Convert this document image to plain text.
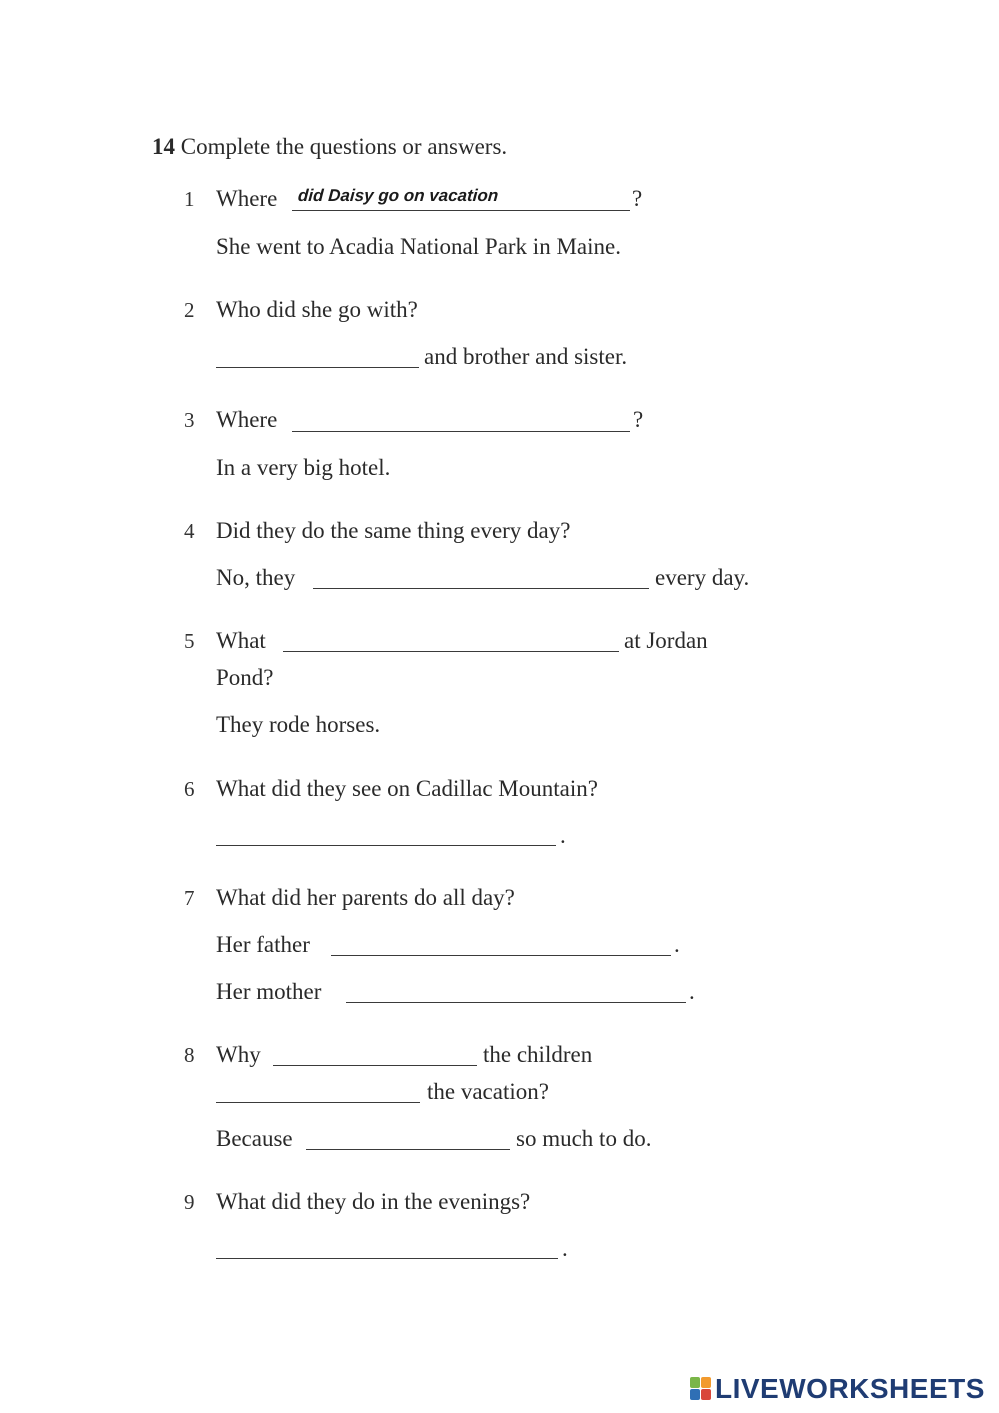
14 Complete the questions or answers.
1 Where did Daisy go on vacation	?
She went to Acadia National Park in Maine.
2 Who did she go with?
and brother and sister.
3 Where	?
In a very big hotel.
4 Did they do the same thing every day?
No, they	every day.
5 What	at Jordan
Pond?
They rode horses.
6 What did they see on Cadillac Mountain?
.
7 What did her parents do all day?
Her father	.
Her mother	.
8 Why	the children
the vacation?
Because	so much to do.
9 What did they do in the evenings?
.
LIVEWORKSHEETS
